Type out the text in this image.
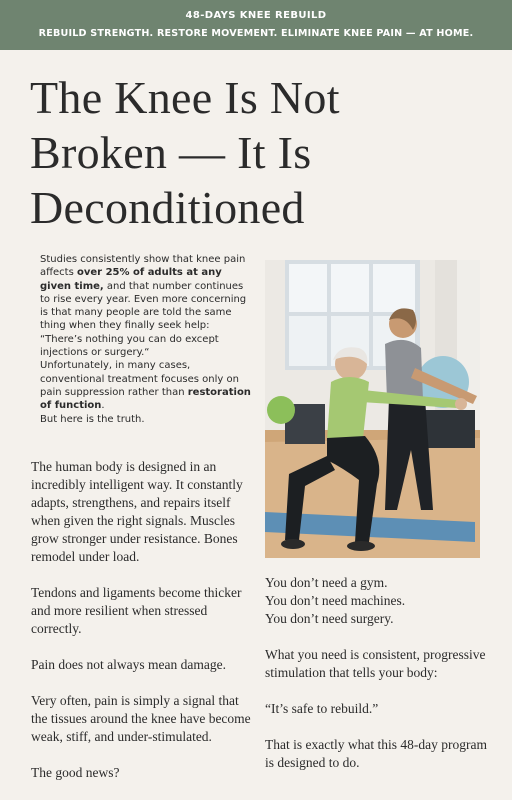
48-DAYS KNEE REBUILD
REBUILD STRENGTH. RESTORE MOVEMENT. ELIMINATE KNEE PAIN — AT HOME.
The Knee Is Not
Broken — It Is
Deconditioned

Studies consistently show that knee pain affects over 25% of adults at any given time, and that number continues to rise every year. Even more concerning is that many people are told the same thing when they finally seek help:

“There’s nothing you can do except injections or surgery.“

Unfortunately, in many cases, conventional treatment focuses only on pain suppression rather than restoration of function.

But here is the truth.

The human body is designed in an incredibly intelligent way. It constantly adapts, strengthens, and repairs itself when given the right signals. Muscles grow stronger under resistance. Bones remodel under load.

Tendons and ligaments become thicker and more resilient when stressed correctly.

Pain does not always mean damage.

Very often, pain is simply a signal that the tissues around the knee have become weak, stiff, and under-stimulated.

The good news?

You don’t need a gym.
You don’t need machines.
You don’t need surgery.

What you need is consistent, progressive stimulation that tells your body:

“It’s safe to rebuild.”

That is exactly what this 48-day program is designed to do.
